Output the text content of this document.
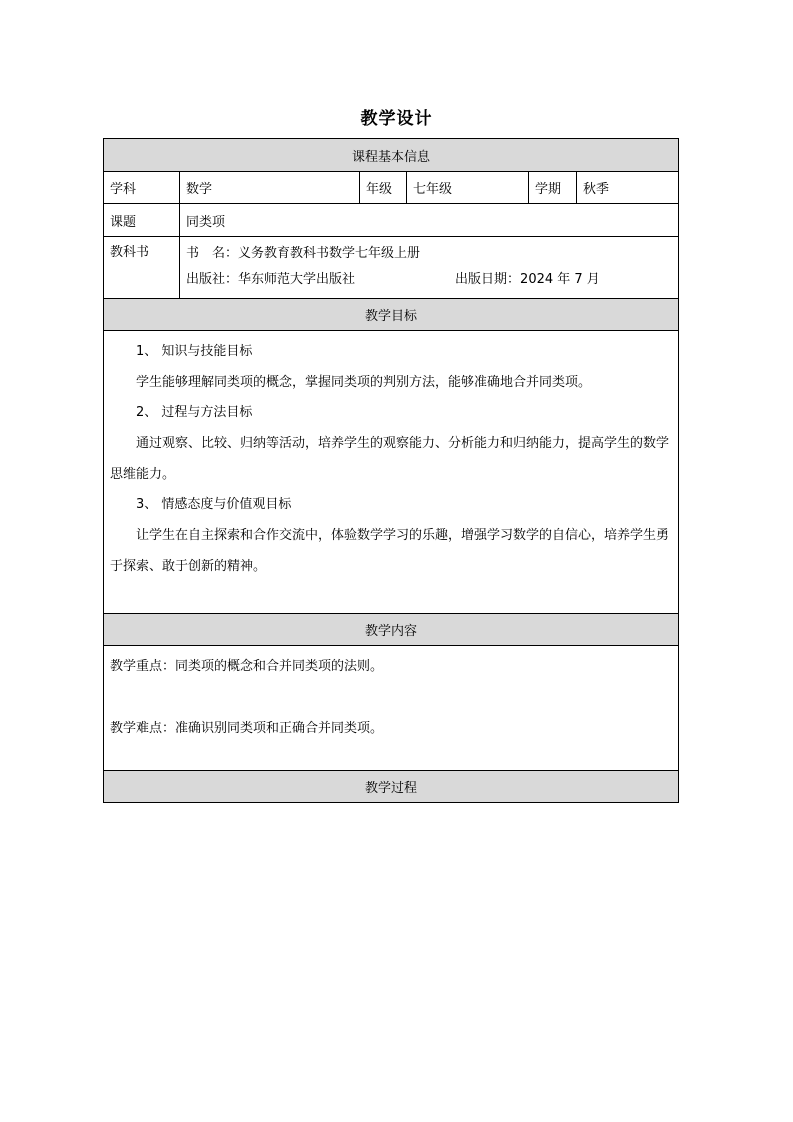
教学设计
课程基本信息
学科	数学	年级	七年级	学期	秋季
课题	同类项
教科书	书　名：义务教育教科书数学七年级上册
出版社：华东师范大学出版社	出版日期：2024 年 7 月
教学目标
1、 知识与技能目标
学生能够理解同类项的概念，掌握同类项的判别方法，能够准确地合并同类项。
2、 过程与方法目标
通过观察、比较、归纳等活动，培养学生的观察能力、分析能力和归纳能力，提高学生的数学思维能力。
3、 情感态度与价值观目标
让学生在自主探索和合作交流中，体验数学学习的乐趣，增强学习数学的自信心，培养学生勇于探索、敢于创新的精神。
教学内容
教学重点：同类项的概念和合并同类项的法则。
教学难点：准确识别同类项和正确合并同类项。
教学过程
